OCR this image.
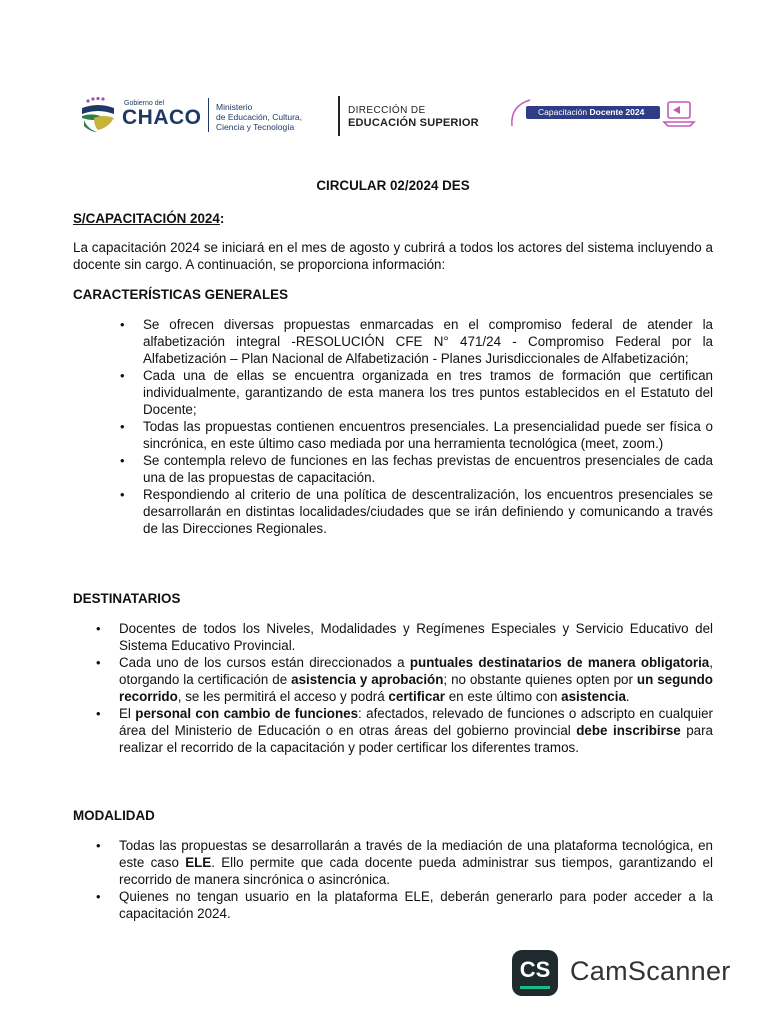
Gobierno del
CHACO Ministerio
de Educación, Cultura,
Ciencia y Tecnología
DIRECCIÓN DE
EDUCACIÓN SUPERIOR
Capacitación Docente 2024
CIRCULAR 02/2024 DES
S/CAPACITACIÓN 2024:
La capacitación 2024 se iniciará en el mes de agosto y cubrirá a todos los actores del sistema incluyendo a docente sin cargo. A continuación, se proporciona información:
CARACTERÍSTICAS GENERALES
• Se ofrecen diversas propuestas enmarcadas en el compromiso federal de atender la alfabetización integral -RESOLUCIÓN CFE N° 471/24 - Compromiso Federal por la Alfabetización – Plan Nacional de Alfabetización - Planes Jurisdiccionales de Alfabetización;
• Cada una de ellas se encuentra organizada en tres tramos de formación que certifican individualmente, garantizando de esta manera los tres puntos establecidos en el Estatuto del Docente;
• Todas las propuestas contienen encuentros presenciales. La presencialidad puede ser física o sincrónica, en este último caso mediada por una herramienta tecnológica (meet, zoom.)
• Se contempla relevo de funciones en las fechas previstas de encuentros presenciales de cada una de las propuestas de capacitación.
• Respondiendo al criterio de una política de descentralización, los encuentros presenciales se desarrollarán en distintas localidades/ciudades que se irán definiendo y comunicando a través de las Direcciones Regionales.
DESTINATARIOS
• Docentes de todos los Niveles, Modalidades y Regímenes Especiales y Servicio Educativo del Sistema Educativo Provincial.
• Cada uno de los cursos están direccionados a puntuales destinatarios de manera obligatoria, otorgando la certificación de asistencia y aprobación; no obstante quienes opten por un segundo recorrido, se les permitirá el acceso y podrá certificar en este último con asistencia.
• El personal con cambio de funciones: afectados, relevado de funciones o adscripto en cualquier área del Ministerio de Educación o en otras áreas del gobierno provincial debe inscribirse para realizar el recorrido de la capacitación y poder certificar los diferentes tramos.
MODALIDAD
• Todas las propuestas se desarrollarán a través de la mediación de una plataforma tecnológica, en este caso ELE. Ello permite que cada docente pueda administrar sus tiempos, garantizando el recorrido de manera sincrónica o asincrónica.
• Quienes no tengan usuario en la plataforma ELE, deberán generarlo para poder acceder a la capacitación 2024.
CS CamScanner
